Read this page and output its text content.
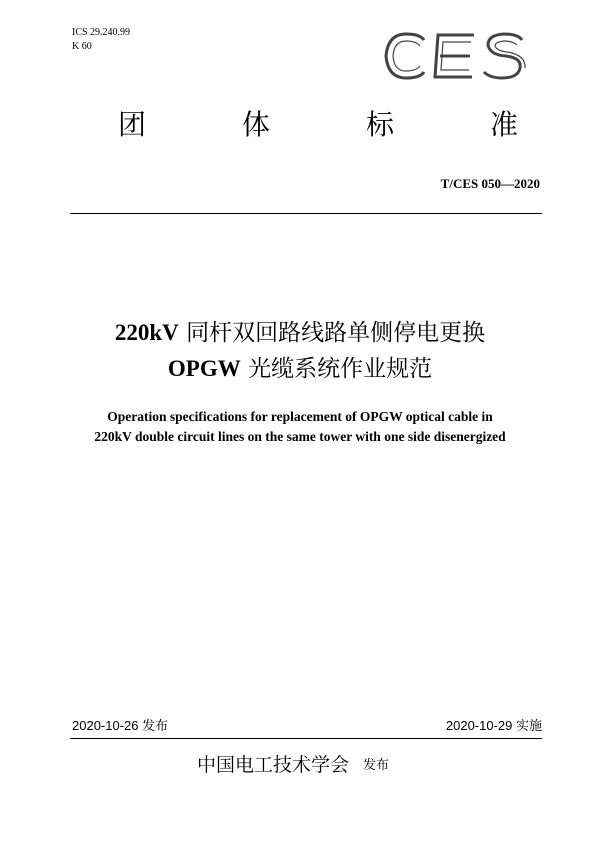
ICS 29.240.99
K 60
CES
团	体	标	准
T/CES 050—2020
220kV 同杆双回路线路单侧停电更换
OPGW 光缆系统作业规范
Operation specifications for replacement of OPGW optical cable in
220kV double circuit lines on the same tower with one side disenergized
2020-10-26 发布	2020-10-29 实施
中国电工技术学会 发布
